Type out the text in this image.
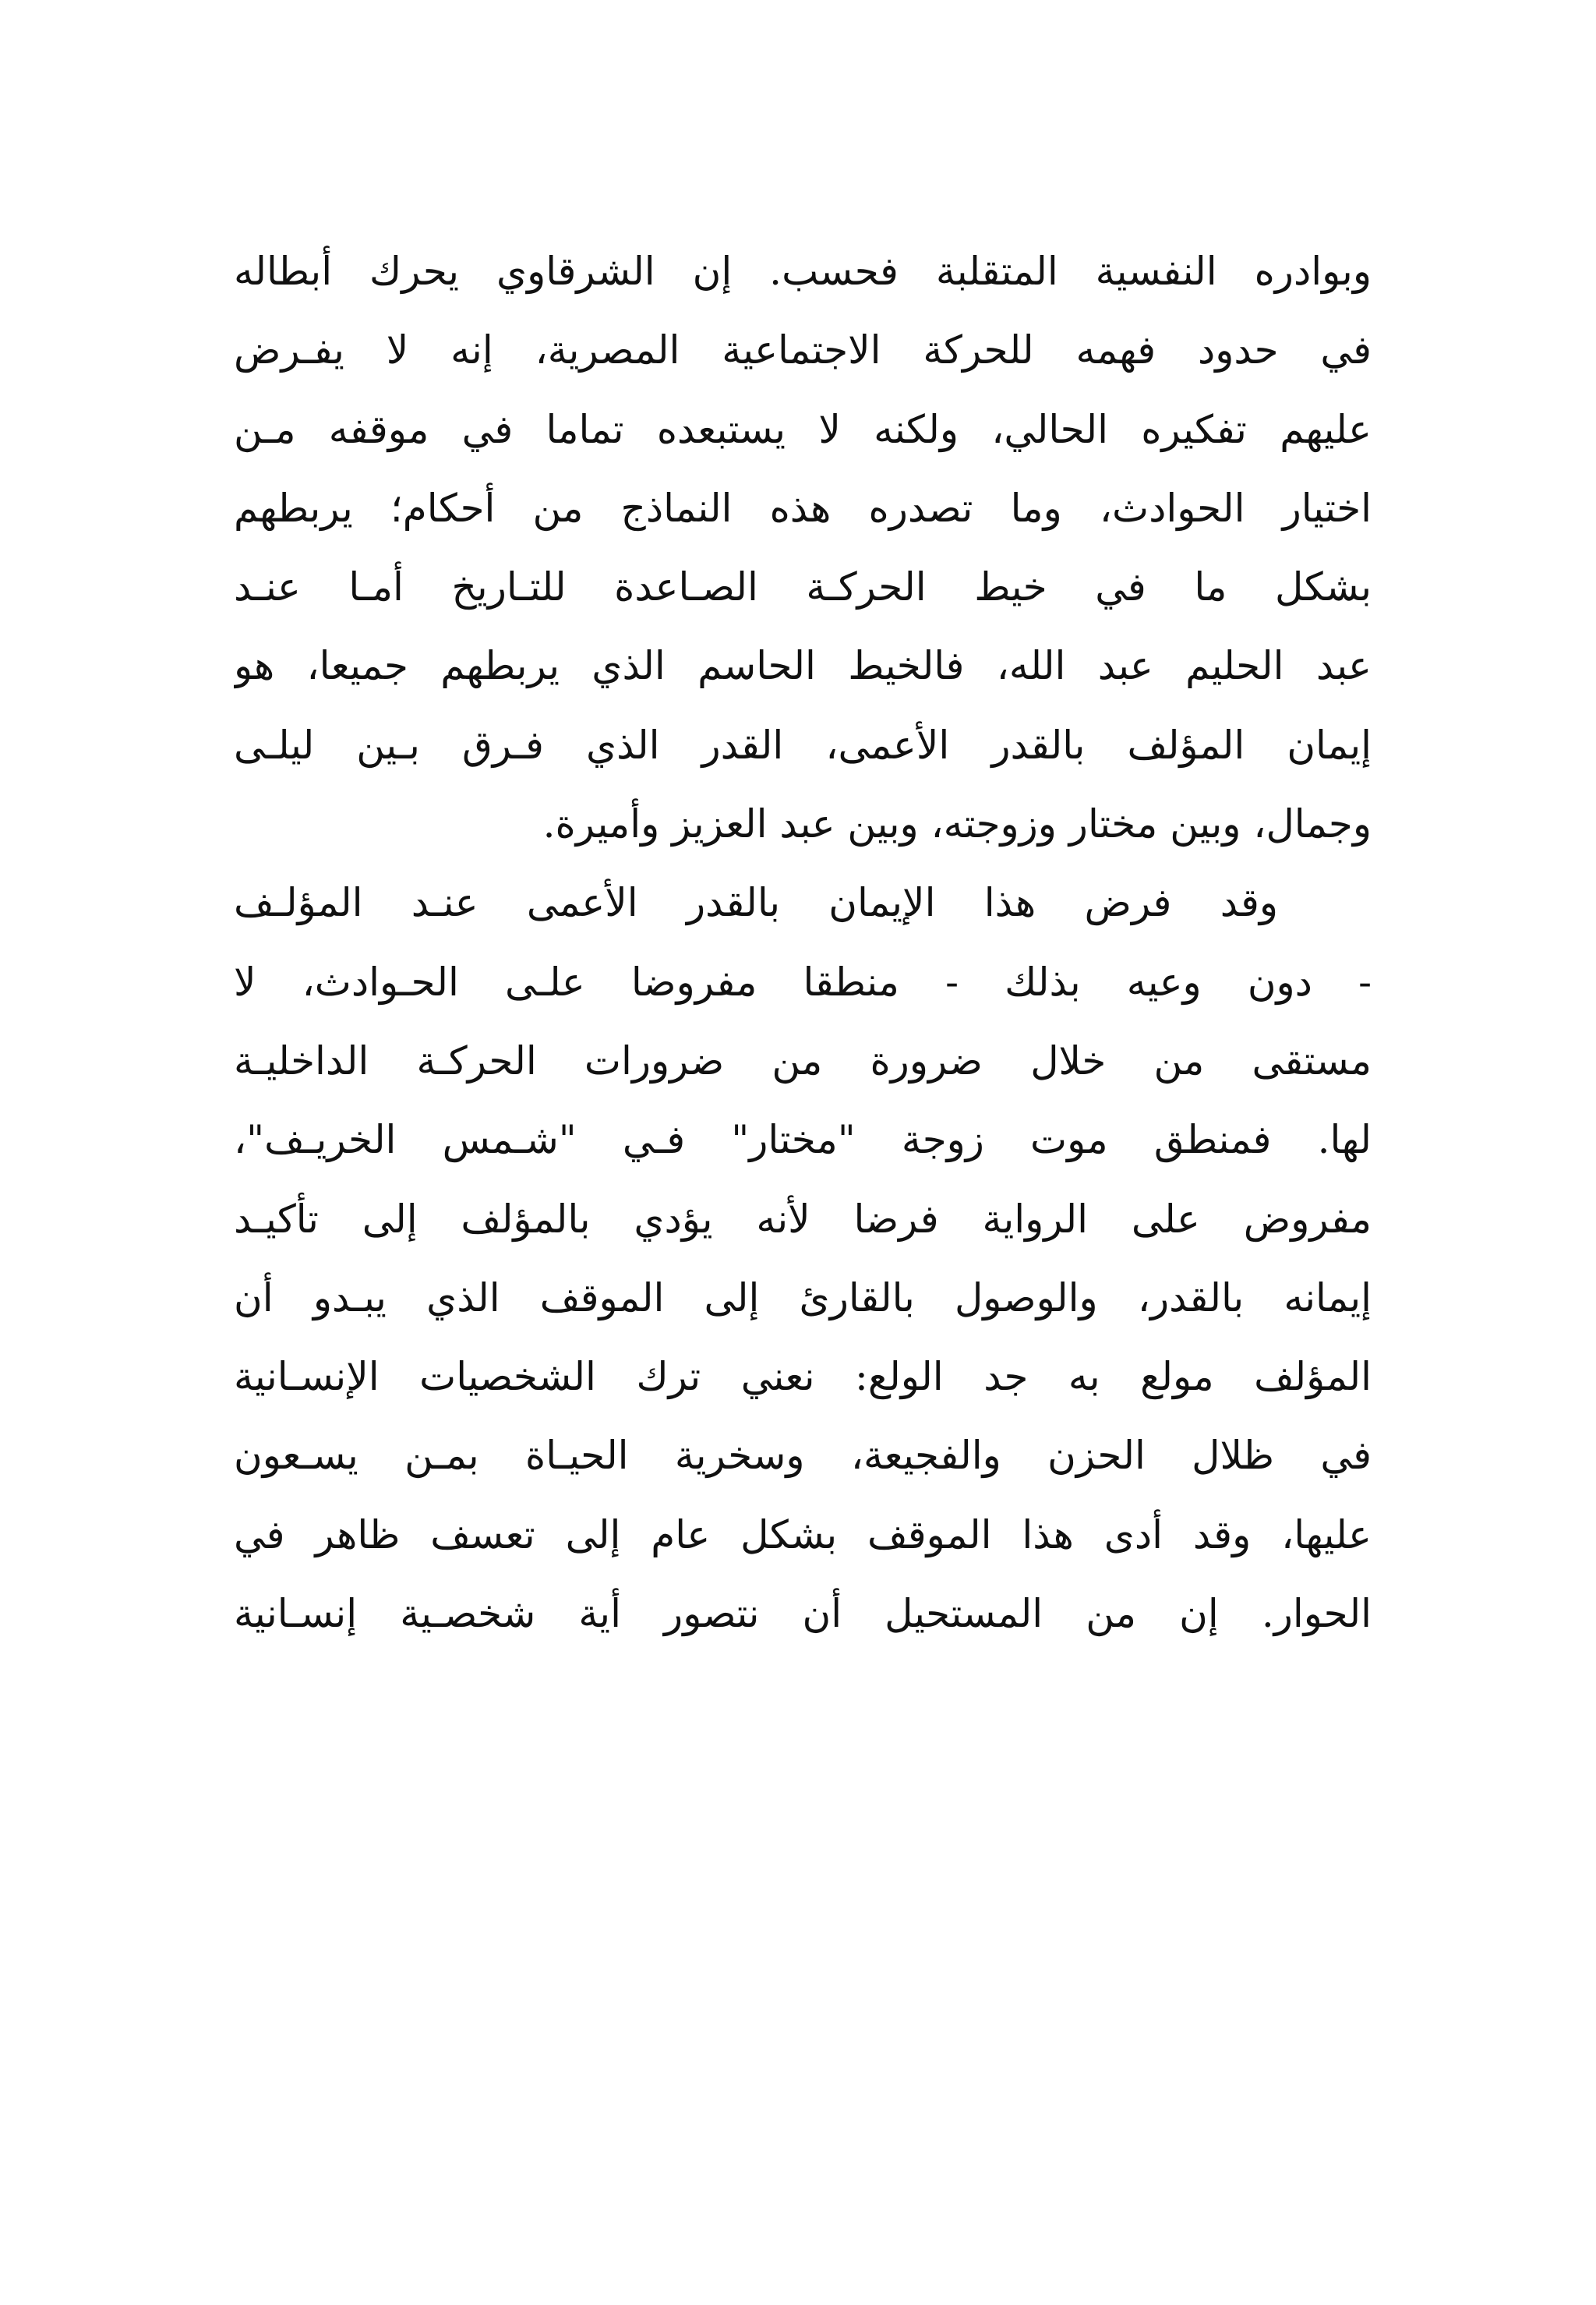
وبوادره النفسية المتقلبة فحسب. إن الشرقاوي يحرك أبطاله
في حدود فهمه للحركة الاجتماعية المصرية، إنه لا يفـرض
عليهم تفكيره الحالي، ولكنه لا يستبعده تماما في موقفه مـن
اختيار الحوادث، وما تصدره هذه النماذج من أحكام؛ يربطهم
بشكل ما في خيط الحركـة الصـاعدة للتـاريخ أمـا عنـد
عبد الحليم عبد الله، فالخيط الحاسم الذي يربطهم جميعا، هو
إيمان المؤلف بالقدر الأعمى، القدر الذي فـرق بـين ليلـى
وجمال، وبين مختار وزوجته، وبين عبد العزيز وأميرة.
وقد فرض هذا الإيمان بالقدر الأعمى عنـد المؤلـف
- دون وعيه بذلك - منطقا مفروضا علـى الحـوادث، لا
مستقى من خلال ضرورة من ضرورات الحركـة الداخليـة
لها. فمنطق موت زوجة "مختار" فـي "شـمس الخريـف"،
مفروض على الرواية فرضا لأنه يؤدي بالمؤلف إلى تأكيـد
إيمانه بالقدر، والوصول بالقارئ إلى الموقف الذي يبـدو أن
المؤلف مولع به جد الولع: نعني ترك الشخصيات الإنسـانية
في ظلال الحزن والفجيعة، وسخرية الحيـاة بمـن يسـعون
عليها، وقد أدى هذا الموقف بشكل عام إلى تعسف ظاهر في
الحوار. إن من المستحيل أن نتصور أية شخصـية إنسـانية
